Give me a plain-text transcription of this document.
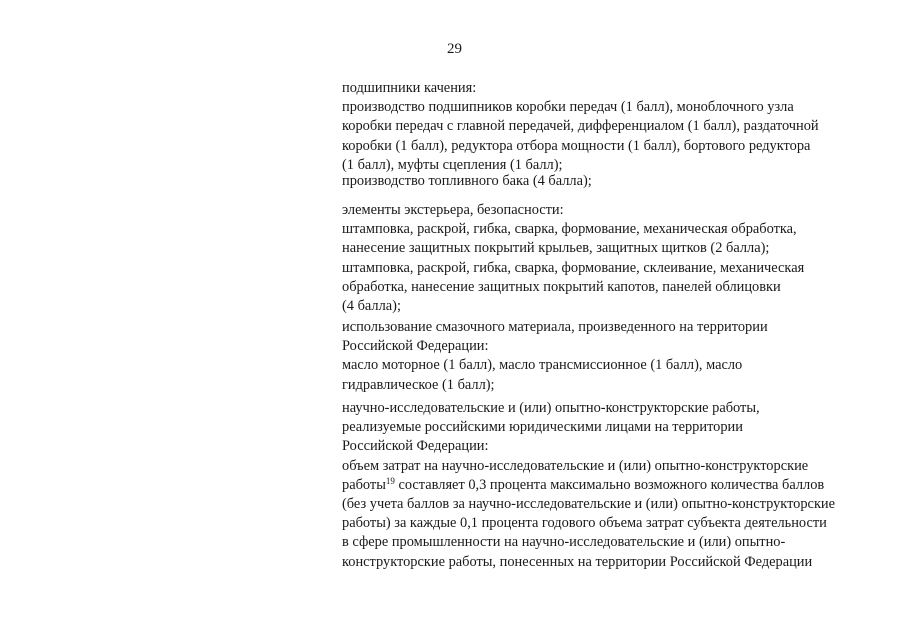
29
подшипники качения:
производство подшипников коробки передач (1 балл), моноблочного узла
коробки передач с главной передачей, дифференциалом (1 балл), раздаточной
коробки (1 балл), редуктора отбора мощности (1 балл), бортового редуктора
(1 балл), муфты сцепления (1 балл);
производство топливного бака (4 балла);
элементы экстерьера, безопасности:
штамповка, раскрой, гибка, сварка, формование, механическая обработка,
нанесение защитных покрытий крыльев, защитных щитков (2 балла);
штамповка, раскрой, гибка, сварка, формование, склеивание, механическая
обработка, нанесение защитных покрытий капотов, панелей облицовки
(4 балла);
использование смазочного материала, произведенного на территории
Российской Федерации:
масло моторное (1 балл), масло трансмиссионное (1 балл), масло
гидравлическое (1 балл);
научно-исследовательские и (или) опытно-конструкторские работы,
реализуемые российскими юридическими лицами на территории
Российской Федерации:
объем затрат на научно-исследовательские и (или) опытно-конструкторские
работы$^{19}$ составляет 0,3 процента максимально возможного количества баллов
(без учета баллов за научно-исследовательские и (или) опытно-конструкторские
работы) за каждые 0,1 процента годового объема затрат субъекта деятельности
в сфере промышленности на научно-исследовательские и (или) опытно-
конструкторские работы, понесенных на территории Российской Федерации
